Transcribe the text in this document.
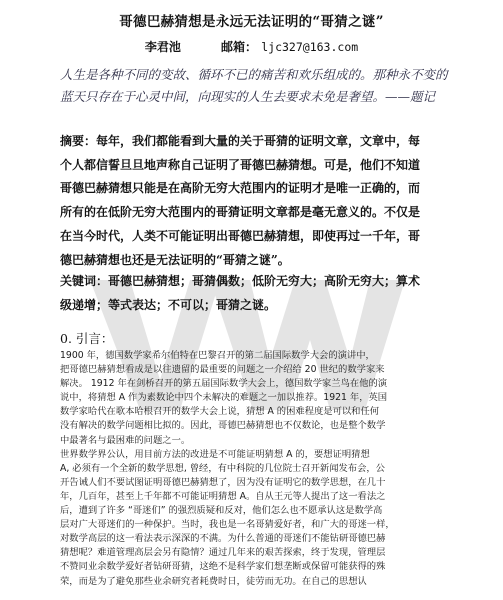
哥德巴赫猜想是永远无法证明的“哥猜之谜”
李君池	邮箱： ljc327@163.com
人生是各种不同的变故、循环不已的痛苦和欢乐组成的。那种永不变的
蓝天只存在于心灵中间，向现实的人生去要求未免是奢望。——题记
摘要：每年，我们都能看到大量的关于哥猜的证明文章，文章中，每
个人都信誓旦旦地声称自己证明了哥德巴赫猜想。可是，他们不知道
哥德巴赫猜想只能是在高阶无穷大范围内的证明才是唯一正确的，而
所有的在低阶无穷大范围内的哥猜证明文章都是毫无意义的。不仅是
在当今时代，人类不可能证明出哥德巴赫猜想，即使再过一千年，哥
德巴赫猜想也还是无法证明的“哥猜之谜”。
关键词：哥德巴赫猜想；哥猜偶数；低阶无穷大；高阶无穷大；算术
级递增；等式表达；不可以；哥猜之谜。
0. 引言：
1900 年，德国数学家希尔伯特在巴黎召开的第二届国际数学大会的演讲中，
把哥德巴赫猜想看成是以往遗留的最重要的问题之一介绍给 20 世纪的数学家来
解决。 1912 年在剑桥召开的第五届国际数学大会上，德国数学家兰鸟在他的演
说中，将猜想 A 作为素数论中四个未解决的难题之一加以推荐。1921 年，英国
数学家哈代在歌本哈根召开的数学大会上说，猜想 A 的困难程度是可以和任何
没有解决的数学问题相比拟的。因此，哥德巴赫猜想也不仅数论，也是整个数学
中最著名与最困难的问题之一。
世界数学界公认，用目前方法的改进是不可能证明猜想 A 的，要想证明猜想
A, 必须有一个全新的数学思想, 曾经，有中科院的几位院士召开新闻发布会，公
开告诫人们不要试图证明哥德巴赫猜想了，因为没有证明它的数学思想，在几十
年，几百年，甚至上千年都不可能证明猜想 A。自从王元等人提出了这一看法之
后，遭到了许多 “哥迷们” 的强烈质疑和反对，他们怎么也不愿承认这是数学高
层对广大哥迷们的一种保护。当时，我也是一名哥猜爱好者，和广大的哥迷一样，
对数学高层的这一看法表示深深的不满。为什么普通的哥迷们不能钻研哥德巴赫
猜想呢？难道管理高层会另有隐情？通过几年来的艰苦探索，终于发现，管理层
不赞同业余数学爱好者钻研哥猜，这绝不是科学家们想垄断或保留可能获得的殊
荣，而是为了避免那些业余研究者耗费时日，徒劳而无功。在自己的思想认
